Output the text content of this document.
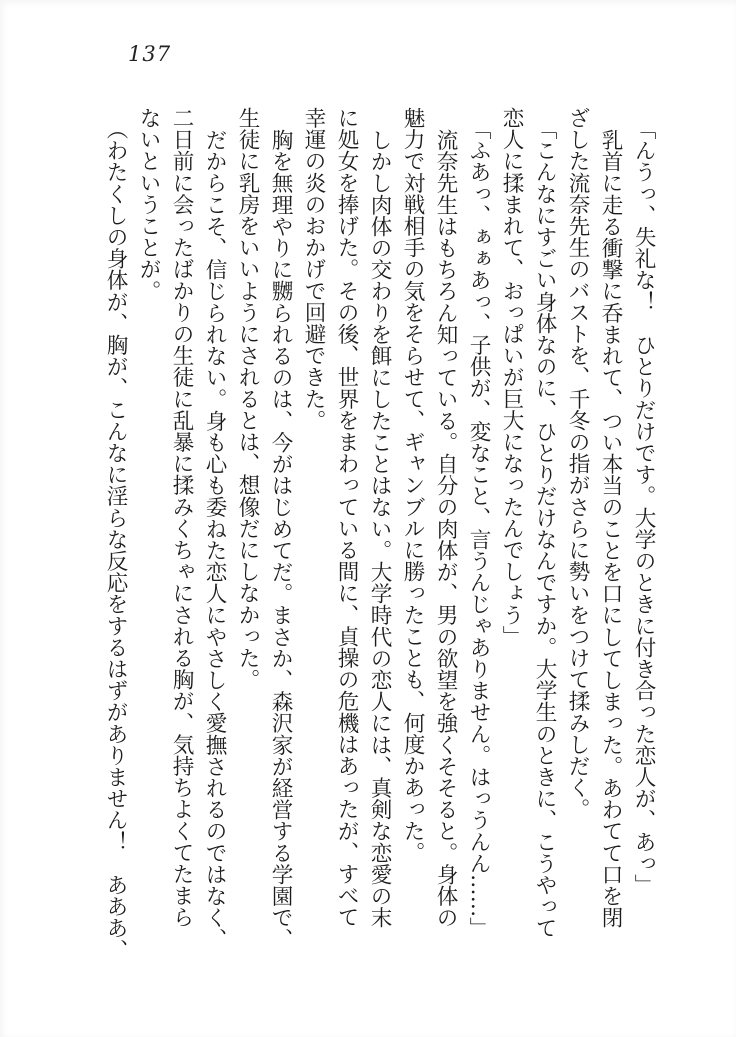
137
「んうっ、失礼な！　ひとりだけです。大学のときに付き合った恋人が、あっ」
乳首に走る衝撃に呑まれて、つい本当のことを口にしてしまった。あわてて口を閉
ざした流奈先生のバストを、千冬の指がさらに勢いをつけて揉みしだく。
「こんなにすごい身体なのに、ひとりだけなんですか。大学生のときに、こうやって
恋人に揉まれて、おっぱいが巨大になったんでしょう」
「ふあっ、ぁぁあっ、子供が、変なこと、言うんじゃありません。はっうんん……」
流奈先生はもちろん知っている。自分の肉体が、男の欲望を強くそそると。身体の
魅力で対戦相手の気をそらせて、ギャンブルに勝ったことも、何度かあった。
しかし肉体の交わりを餌にしたことはない。大学時代の恋人には、真剣な恋愛の末
に処女を捧げた。その後、世界をまわっている間に、貞操の危機はあったが、すべて
幸運の炎のおかげで回避できた。
胸を無理やりに嬲られるのは、今がはじめてだ。まさか、森沢家が経営する学園で、
生徒に乳房をいいようにされるとは、想像だにしなかった。
だからこそ、信じられない。身も心も委ねた恋人にやさしく愛撫されるのではなく、
二日前に会ったばかりの生徒に乱暴に揉みくちゃにされる胸が、気持ちよくてたまら
ないということが。
（わたくしの身体が、胸が、こんなに淫らな反応をするはずがありません！　あああ、
